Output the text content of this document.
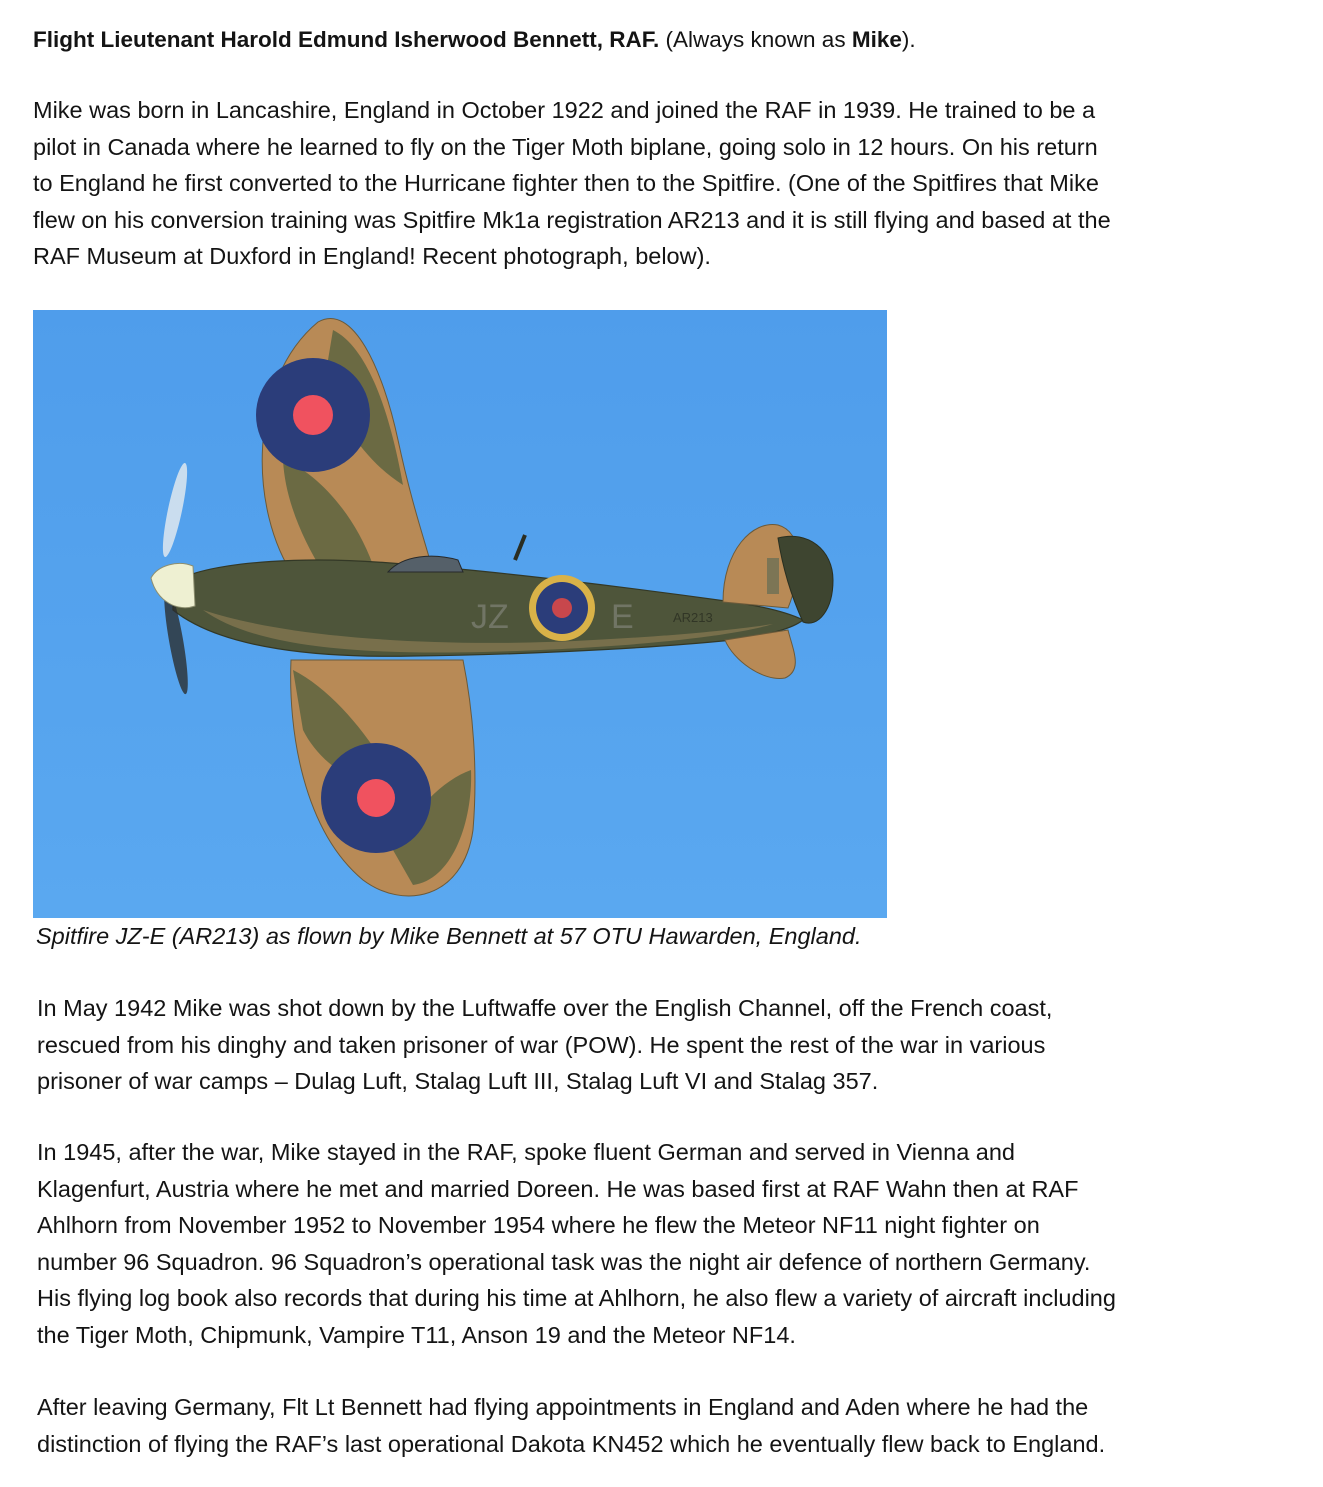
Flight Lieutenant Harold Edmund Isherwood Bennett, RAF. (Always known as Mike).

Mike was born in Lancashire, England in October 1922 and joined the RAF in 1939. He trained to be a
pilot in Canada where he learned to fly on the Tiger Moth biplane, going solo in 12 hours. On his return
to England he first converted to the Hurricane fighter then to the Spitfire. (One of the Spitfires that Mike
flew on his conversion training was Spitfire Mk1a registration AR213 and it is still flying and based at the
RAF Museum at Duxford in England! Recent photograph, below).

JZ	E	AR213
Spitfire JZ-E (AR213) as flown by Mike Bennett at 57 OTU Hawarden, England.

In May 1942 Mike was shot down by the Luftwaffe over the English Channel, off the French coast,
rescued from his dinghy and taken prisoner of war (POW). He spent the rest of the war in various
prisoner of war camps – Dulag Luft, Stalag Luft III, Stalag Luft VI and Stalag 357.

In 1945, after the war, Mike stayed in the RAF, spoke fluent German and served in Vienna and
Klagenfurt, Austria where he met and married Doreen. He was based first at RAF Wahn then at RAF
Ahlhorn from November 1952 to November 1954 where he flew the Meteor NF11 night fighter on
number 96 Squadron. 96 Squadron’s operational task was the night air defence of northern Germany.
His flying log book also records that during his time at Ahlhorn, he also flew a variety of aircraft including
the Tiger Moth, Chipmunk, Vampire T11, Anson 19 and the Meteor NF14.

After leaving Germany, Flt Lt Bennett had flying appointments in England and Aden where he had the
distinction of flying the RAF’s last operational Dakota KN452 which he eventually flew back to England.
